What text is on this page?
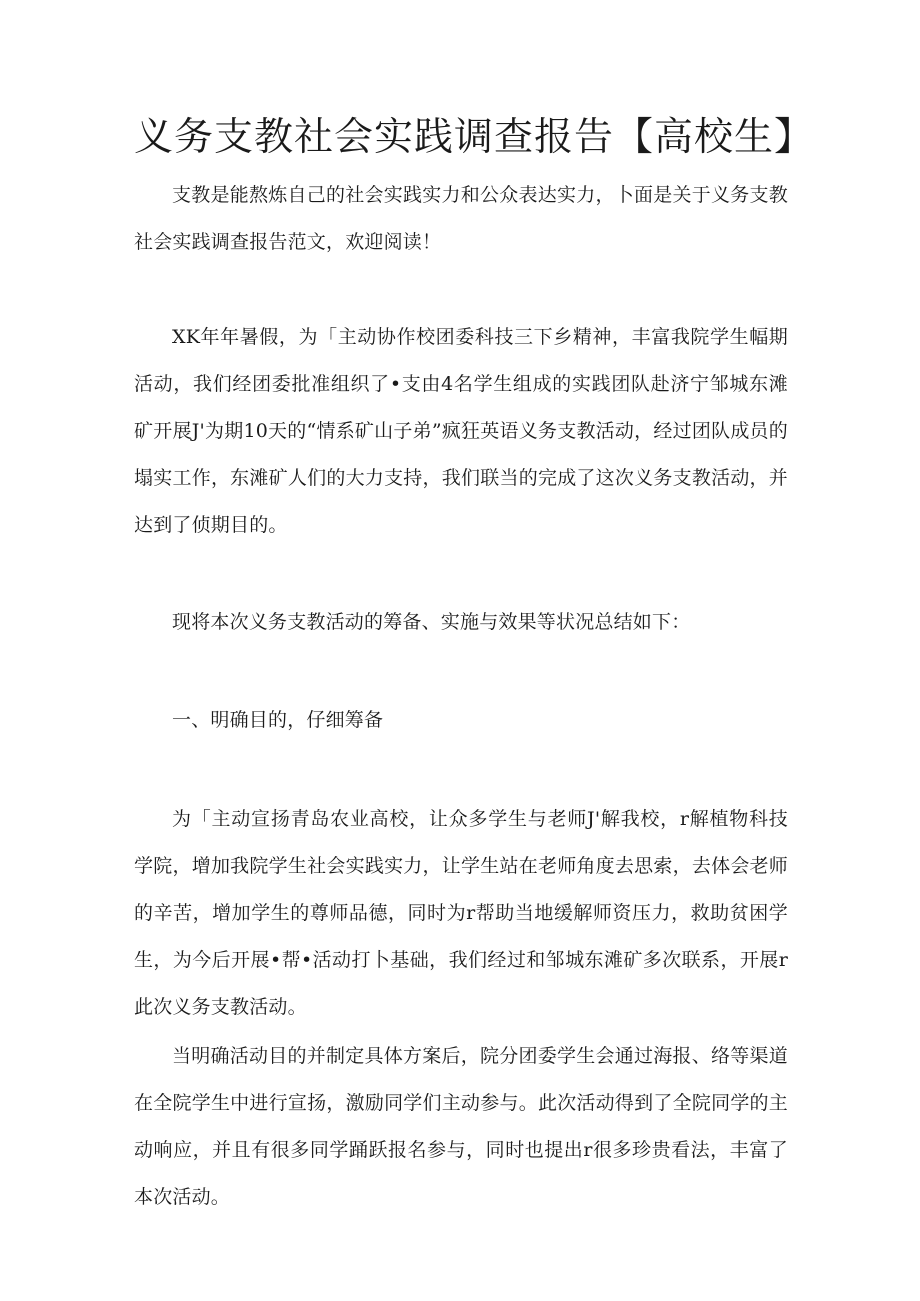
义务支教社会实践调查报告【高校生】

支教是能熬炼自己的社会实践实力和公众表达实力，卜面是关于义务支教社会实践调查报告范文，欢迎阅读！

XK年年暑假，为「主动协作校团委科技三下乡精神，丰富我院学生幅期活动，我们经团委批准组织了•支由4名学生组成的实践团队赴济宁邹城东滩矿开展J'为期10天的“情系矿山子弟”疯狂英语义务支教活动，经过团队成员的塌实工作，东滩矿人们的大力支持，我们联当的完成了这次义务支教活动，并达到了侦期目的。

现将本次义务支教活动的筹备、实施与效果等状况总结如下：

一、明确目的，仔细筹备

为「主动宣扬青岛农业高校，让众多学生与老师J'解我校，r解植物科技学院，增加我院学生社会实践实力，让学生站在老师角度去思索，去体会老师的辛苦，增加学生的尊师品德，同时为r帮助当地缓解师资压力，救助贫困学生，为今后开展•帮•活动打卜基础，我们经过和邹城东滩矿多次联系，开展r此次义务支教活动。

当明确活动目的并制定具体方案后，院分团委学生会通过海报、络等渠道在全院学生中进行宣扬，激励同学们主动参与。此次活动得到了全院同学的主动响应，并且有很多同学踊跃报名参与，同时也提出r很多珍贵看法，丰富了本次活动。
